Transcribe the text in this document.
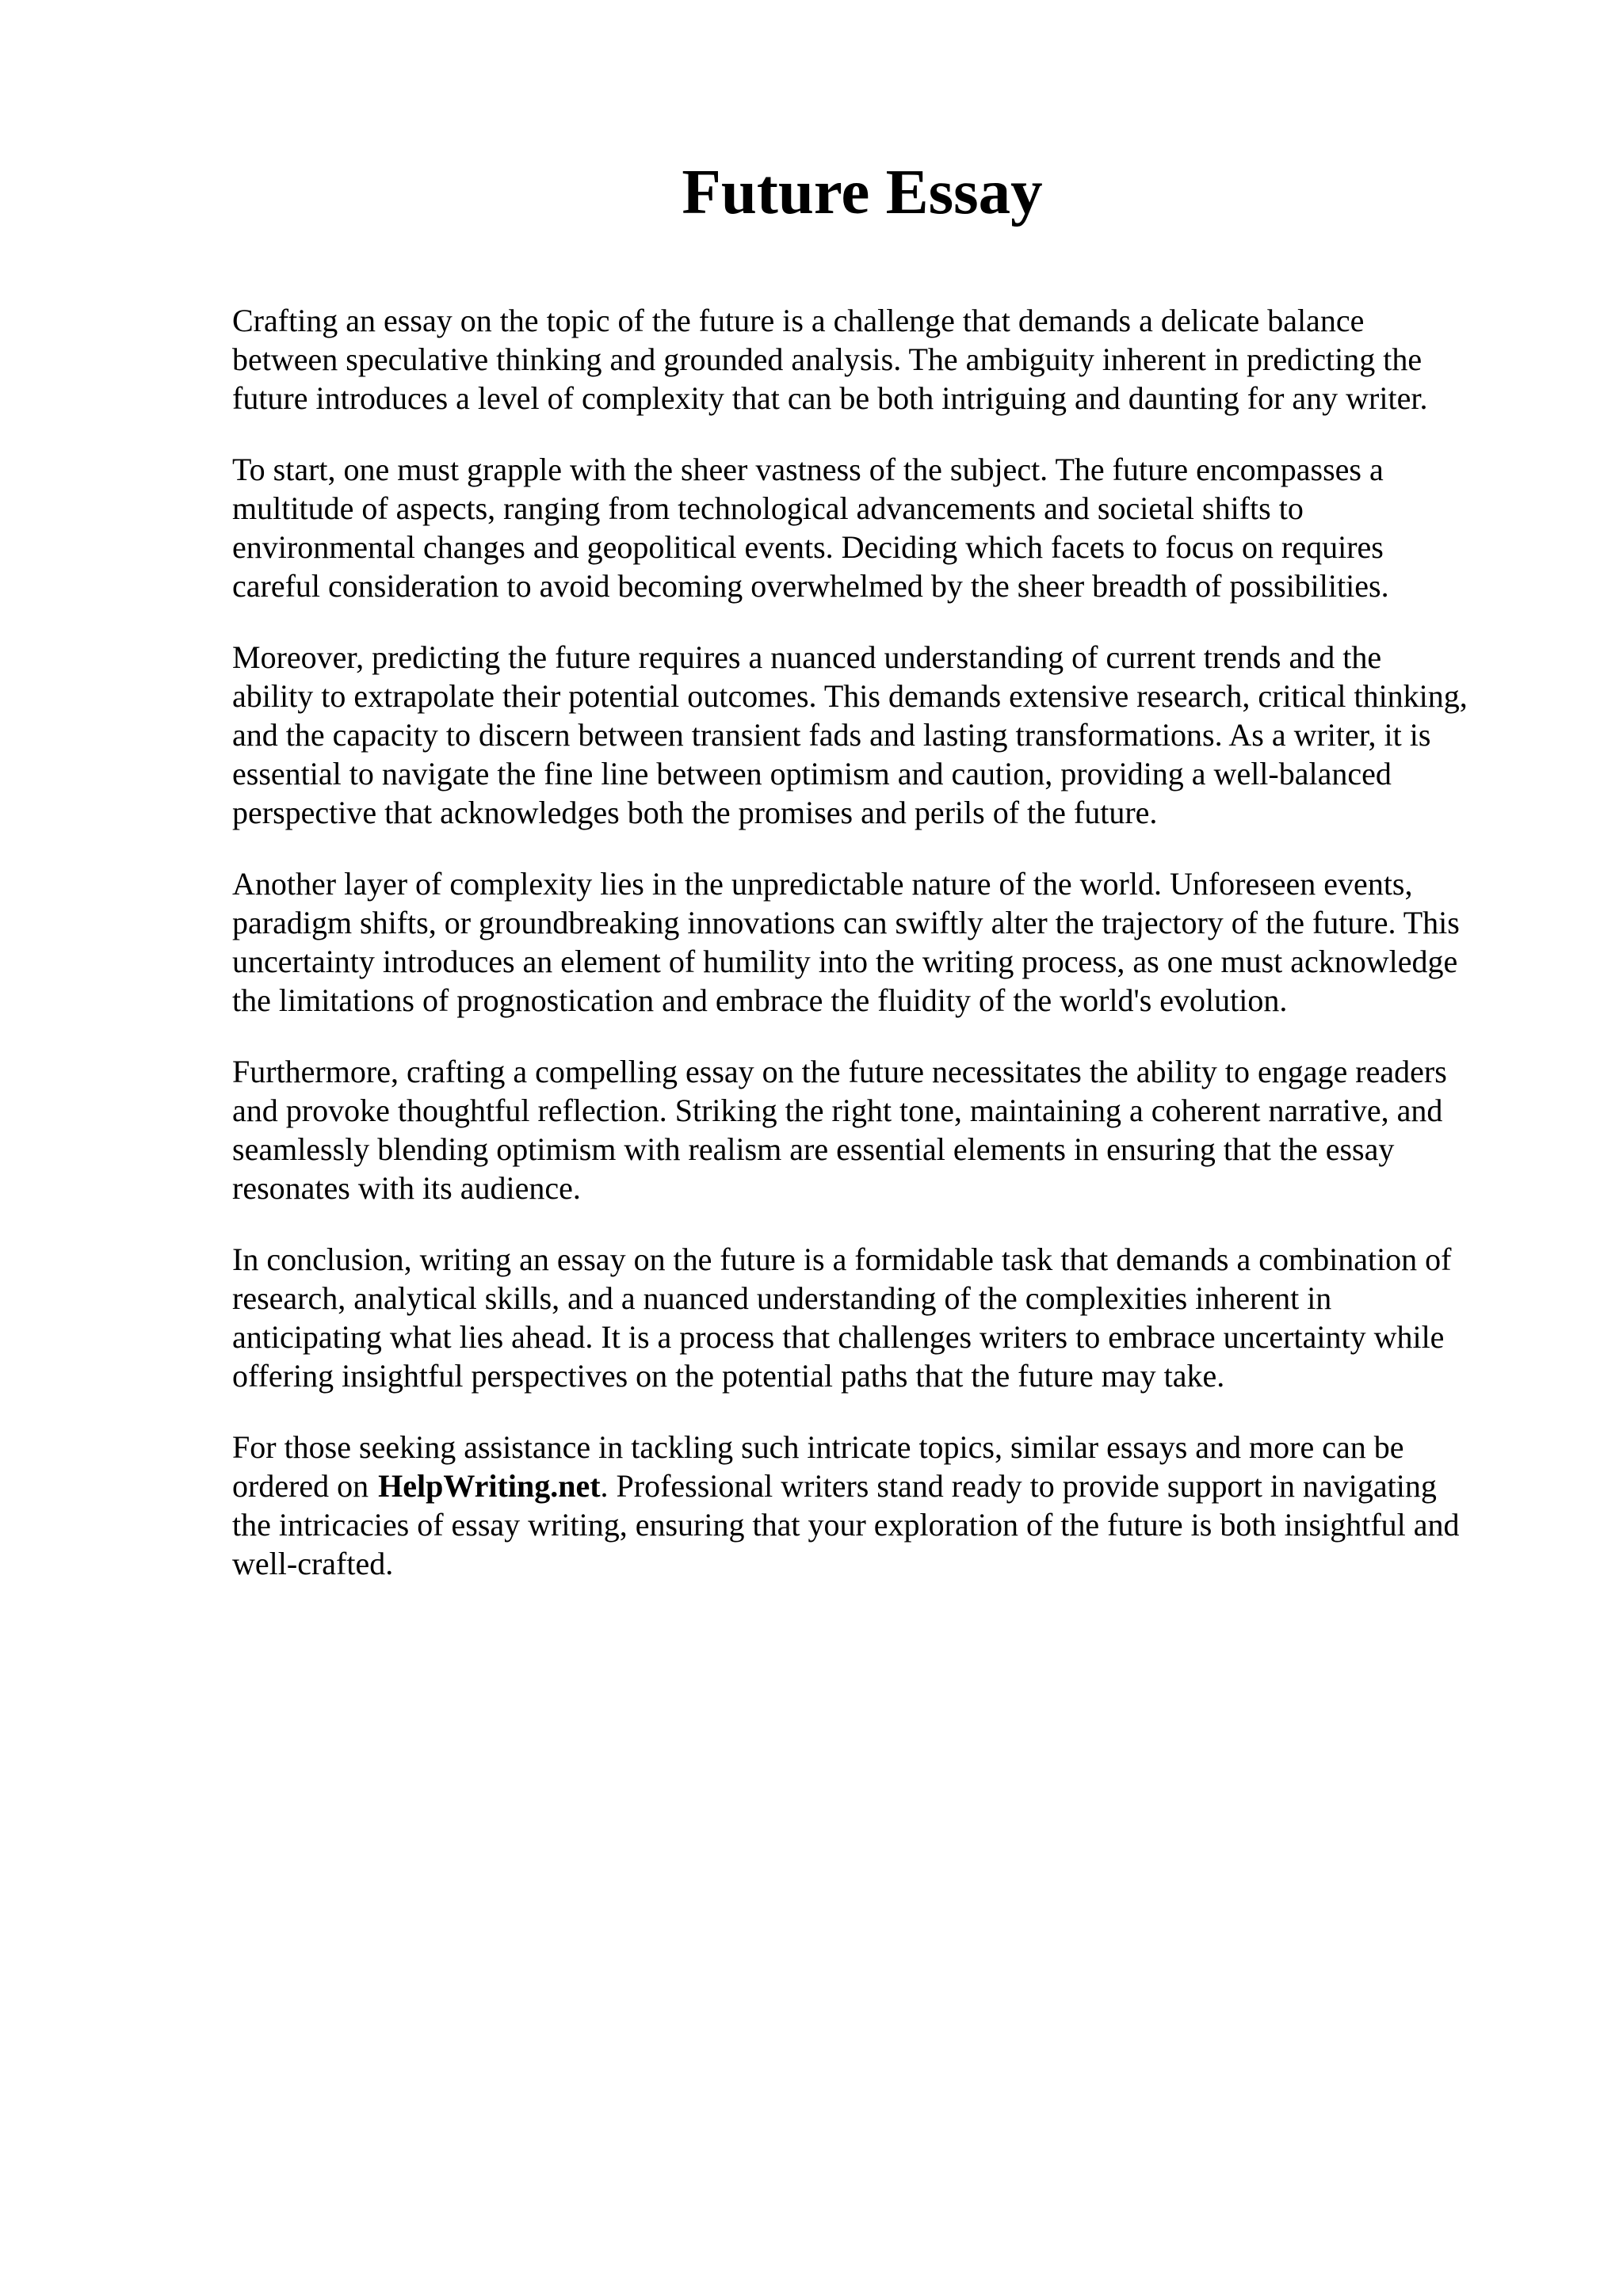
Future Essay

Crafting an essay on the topic of the future is a challenge that demands a delicate balance
between speculative thinking and grounded analysis. The ambiguity inherent in predicting the
future introduces a level of complexity that can be both intriguing and daunting for any writer.

To start, one must grapple with the sheer vastness of the subject. The future encompasses a
multitude of aspects, ranging from technological advancements and societal shifts to
environmental changes and geopolitical events. Deciding which facets to focus on requires
careful consideration to avoid becoming overwhelmed by the sheer breadth of possibilities.

Moreover, predicting the future requires a nuanced understanding of current trends and the
ability to extrapolate their potential outcomes. This demands extensive research, critical thinking,
and the capacity to discern between transient fads and lasting transformations. As a writer, it is
essential to navigate the fine line between optimism and caution, providing a well-balanced
perspective that acknowledges both the promises and perils of the future.

Another layer of complexity lies in the unpredictable nature of the world. Unforeseen events,
paradigm shifts, or groundbreaking innovations can swiftly alter the trajectory of the future. This
uncertainty introduces an element of humility into the writing process, as one must acknowledge
the limitations of prognostication and embrace the fluidity of the world's evolution.

Furthermore, crafting a compelling essay on the future necessitates the ability to engage readers
and provoke thoughtful reflection. Striking the right tone, maintaining a coherent narrative, and
seamlessly blending optimism with realism are essential elements in ensuring that the essay
resonates with its audience.

In conclusion, writing an essay on the future is a formidable task that demands a combination of
research, analytical skills, and a nuanced understanding of the complexities inherent in
anticipating what lies ahead. It is a process that challenges writers to embrace uncertainty while
offering insightful perspectives on the potential paths that the future may take.

For those seeking assistance in tackling such intricate topics, similar essays and more can be
ordered on HelpWriting.net. Professional writers stand ready to provide support in navigating
the intricacies of essay writing, ensuring that your exploration of the future is both insightful and
well-crafted.
